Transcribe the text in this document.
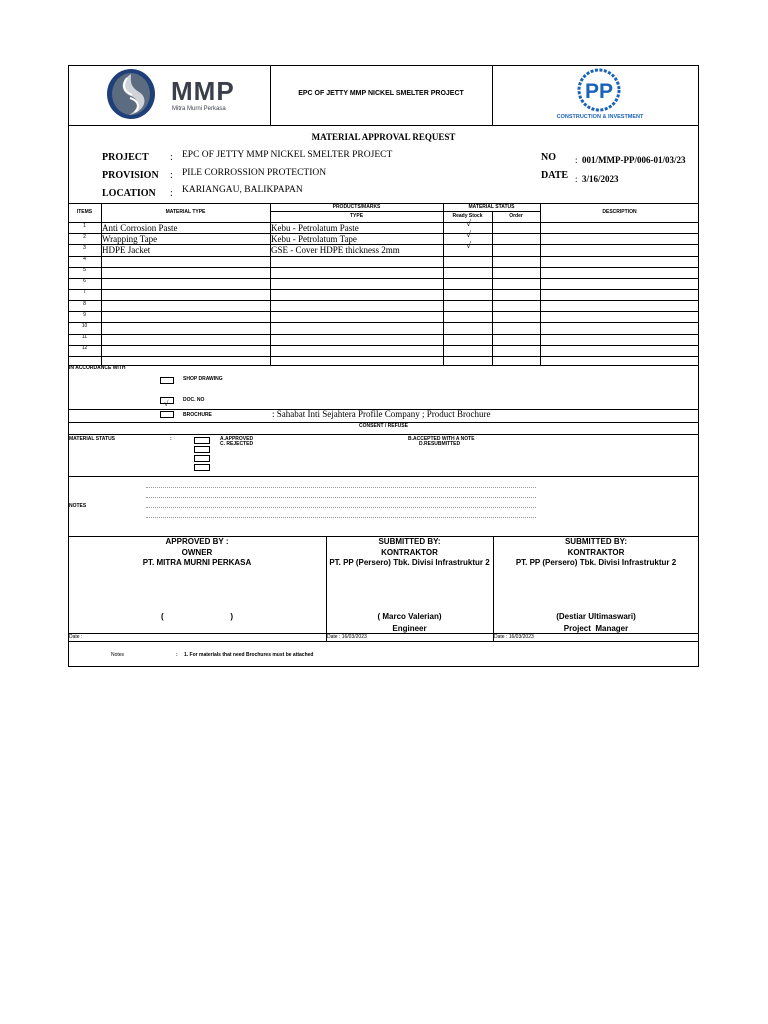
MMP
Mitra Murni Perkasa
EPC OF JETTY MMP NICKEL SMELTER PROJECT	PP
CONSTRUCTION & INVESTMENT
MATERIAL APPROVAL REQUEST
PROJECT : EPC OF JETTY MMP NICKEL SMELTER PROJECT
PROVISION : PILE CORROSSION PROTECTION
LOCATION : KARIANGAU, BALIKPAPAN
NO : 001/MMP-PP/006-01/03/23
DATE : 3/16/2023
ITEMS	MATERIAL TYPE
PRODUCTS/MARKS
TYPE
MATERIAL STATUS
Ready Stock	Order
DESCRIPTION
1	Anti Corrosion Paste	Kebu - Petrolatum Paste	√
2	Wrapping Tape	Kebu - Petrolatum Tape	√
3	HDPE Jacket	GSE - Cover HDPE thickness 2mm	√
4
5
6
7
8
9
10
11
12
IN ACCORDANCE WITH
SHOP DRAWING
√	DOC. NO
BROCHURE	: Sahabat Inti Sejahtera Profile Company ; Product Brochure
CONSENT / REFUSE
MATERIAL STATUS	:	A.APPROVED
C. REJECTED
B.ACCEPTED WITH A NOTE
D.RESUBMITTED
NOTES
APPROVED BY :
OWNER
PT. MITRA MURNI PERKASA
(                              )
Date :
SUBMITTED BY:
KONTRAKTOR
PT. PP (Persero) Tbk. Divisi Infrastruktur 2
( Marco Valerian)
Engineer
Date : 16/03/2023
SUBMITTED BY:
KONTRAKTOR
PT. PP (Persero) Tbk. Divisi Infrastruktur 2
(Destiar Ultimaswari)
Project  Manager
Date : 16/03/2023
Notes	: 1. For materials that need Brochures must be attached
